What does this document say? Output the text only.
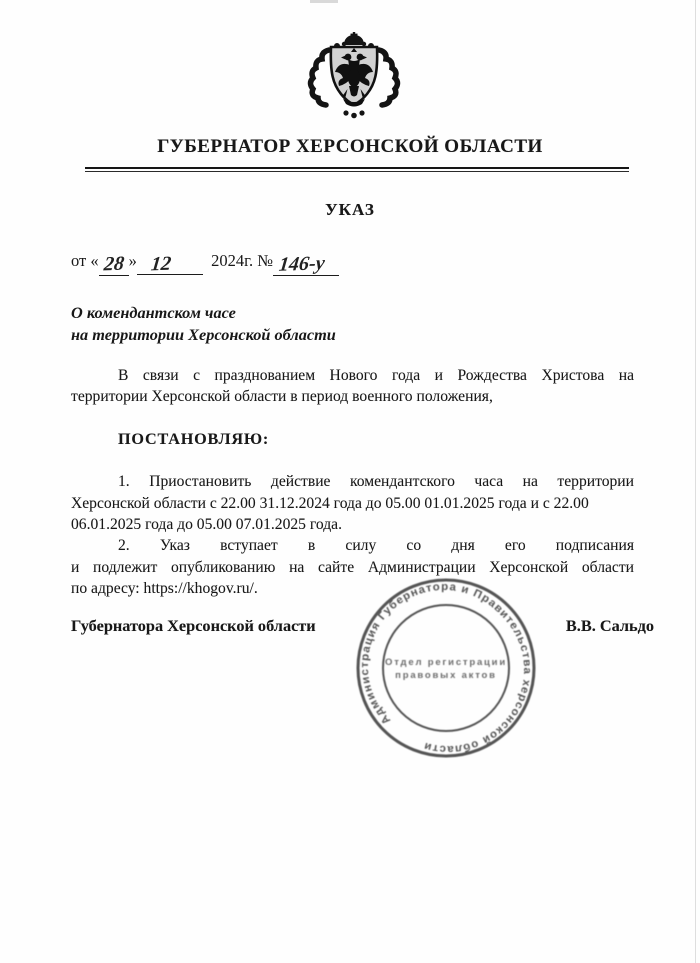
ГУБЕРНАТОР ХЕРСОНСКОЙ ОБЛАСТИ
УКАЗ
от « 28 » 12 2024г. № 146-у
О комендантском часе
на территории Херсонской области
В связи с празднованием Нового года и Рождества Христова на
территории Херсонской области в период военного положения,
ПОСТАНОВЛЯЮ:
1. Приостановить действие комендантского часа на территории
Херсонской области с 22.00 31.12.2024 года до 05.00 01.01.2025 года и с 22.00
06.01.2025 года до 05.00 07.01.2025 года.
2. Указ вступает в силу со дня его подписания
и подлежит опубликованию на сайте Администрации Херсонской области
по адресу: https://khogov.ru/.
Губернатора Херсонской области	В.В. Сальдо
Администрация Губернатора и Правительства херсонской области
Отдел регистрации
правовых актов
